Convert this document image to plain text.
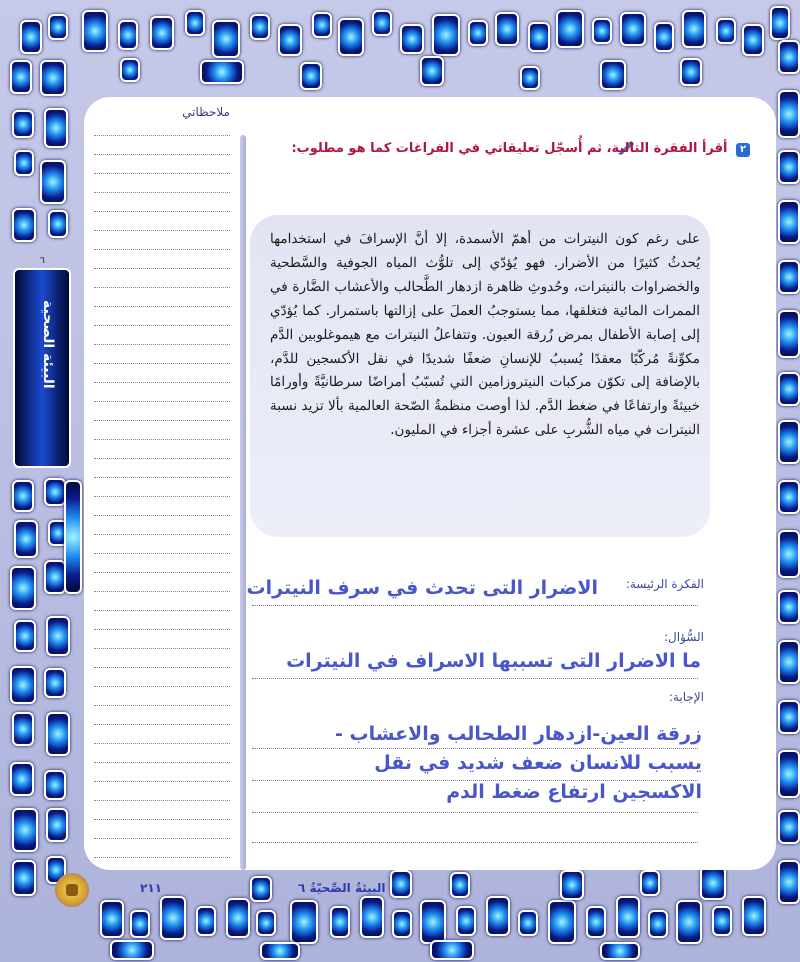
البيئة الصحية
٦
ملاحظاتي
٢ أقرأ الفقرة التالية، ثم أُسجّل تعليقاتي في الفراغات كما هو مطلوب:
على رغم كون النيترات من أهمّ الأسمدة، إلا أنَّ الإسرافَ في استخدامها يُحدثُ كثيرًا من الأضرار. فهو يُؤدّي إلى تلوُّث المياه الجوفية والسَّطحية والخضراوات بالنيترات، وحُدوثِ ظاهرة ازدهار الطَّحالب والأعشاب الضَّارة في الممرات المائية فتغلقها، مما يستوجبُ العملَ على إزالتها باستمرار. كما يُؤدّي إلى إصابة الأطفال بمرض زُرقة العيون. وتتفاعلُ النيترات مع هيموغلوبين الدَّم مكوِّنةً مُركّبًا معقدًا يُسببُ للإنسانِ ضعفًا شديدًا في نقل الأكسجين للدَّم، بالإضافة إلى تكوّن مركبات النيتروزامين التي تُسبّبُ أمراضًا سرطانيَّةً وأورامًا خبيثةً وارتفاعًا في ضغط الدَّم. لذا أوصت منظمةُ الصّحة العالمية بألا تزيد نسبة النيترات في مياه الشُّربِ على عشرة أجزاء في المليون.
الفكرة الرئيسة:
الاضرار التى تحدث في سرف النيترات
السُّؤال:
ما الاضرار التى تسببها الاسراف في النيترات
الإجابة:
زرقة العين-ازدهار الطحالب والاعشاب -
يسبب للانسان ضعف شديد في نقل
الاكسجين ارتفاع ضغط الدم
٢١١	البيئةُ الصِّحيّةُ ٦
